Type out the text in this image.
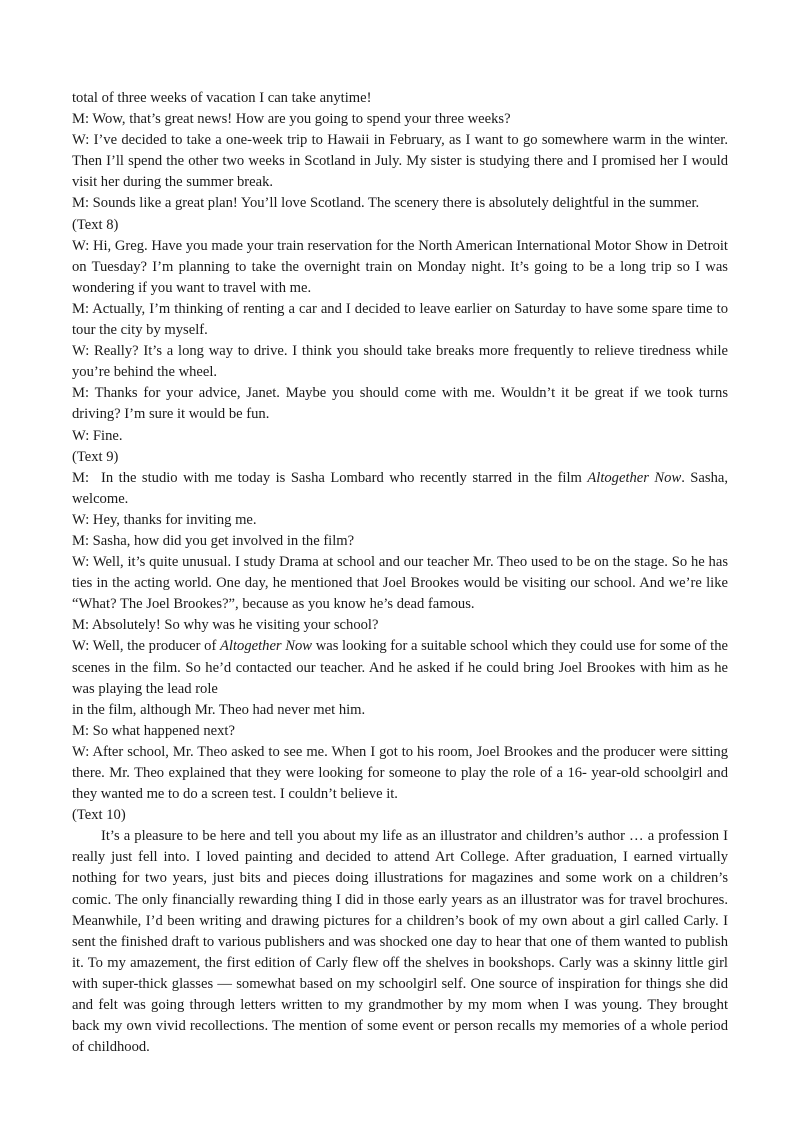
total of three weeks of vacation I can take anytime!

M: Wow, that’s great news! How are you going to spend your three weeks?

W: I’ve decided to take a one-week trip to Hawaii in February, as I want to go somewhere warm in the winter. Then I’ll spend the other two weeks in Scotland in July. My sister is studying there and I promised her I would visit her during the summer break.

M: Sounds like a great plan! You’ll love Scotland. The scenery there is absolutely delightful in the summer.

(Text 8)

W: Hi, Greg. Have you made your train reservation for the North American International Motor Show in Detroit on Tuesday? I’m planning to take the overnight train on Monday night. It’s going to be a long trip so I was wondering if you want to travel with me.

M: Actually, I’m thinking of renting a car and I decided to leave earlier on Saturday to have some spare time to tour the city by myself.

W: Really? It’s a long way to drive. I think you should take breaks more frequently to relieve tiredness while you’re behind the wheel.

M: Thanks for your advice, Janet. Maybe you should come with me. Wouldn’t it be great if we took turns driving? I’m sure it would be fun.

W: Fine.

(Text 9)

M: In the studio with me today is Sasha Lombard who recently starred in the film Altogether Now. Sasha, welcome.

W: Hey, thanks for inviting me.

M: Sasha, how did you get involved in the film?

W: Well, it’s quite unusual. I study Drama at school and our teacher Mr. Theo used to be on the stage. So he has ties in the acting world. One day, he mentioned that Joel Brookes would be visiting our school. And we’re like “What? The Joel Brookes?”, because as you know he’s dead famous.

M: Absolutely! So why was he visiting your school?

W: Well, the producer of Altogether Now was looking for a suitable school which they could use for some of the scenes in the film. So he’d contacted our teacher. And he asked if he could bring Joel Brookes with him as he was playing the lead role

in the film, although Mr. Theo had never met him.

M: So what happened next?

W: After school, Mr. Theo asked to see me. When I got to his room, Joel Brookes and the producer were sitting there. Mr. Theo explained that they were looking for someone to play the role of a 16- year-old schoolgirl and they wanted me to do a screen test. I couldn’t believe it.

(Text 10)

It’s a pleasure to be here and tell you about my life as an illustrator and children’s author … a profession I really just fell into. I loved painting and decided to attend Art College. After graduation, I earned virtually nothing for two years, just bits and pieces doing illustrations for magazines and some work on a children’s comic. The only financially rewarding thing I did in those early years as an illustrator was for travel brochures. Meanwhile, I’d been writing and drawing pictures for a children’s book of my own about a girl called Carly. I sent the finished draft to various publishers and was shocked one day to hear that one of them wanted to publish it. To my amazement, the first edition of Carly flew off the shelves in bookshops. Carly was a skinny little girl with super-thick glasses — somewhat based on my schoolgirl self. One source of inspiration for things she did and felt was going through letters written to my grandmother by my mom when I was young. They brought back my own vivid recollections. The mention of some event or person recalls my memories of a whole period of childhood.
